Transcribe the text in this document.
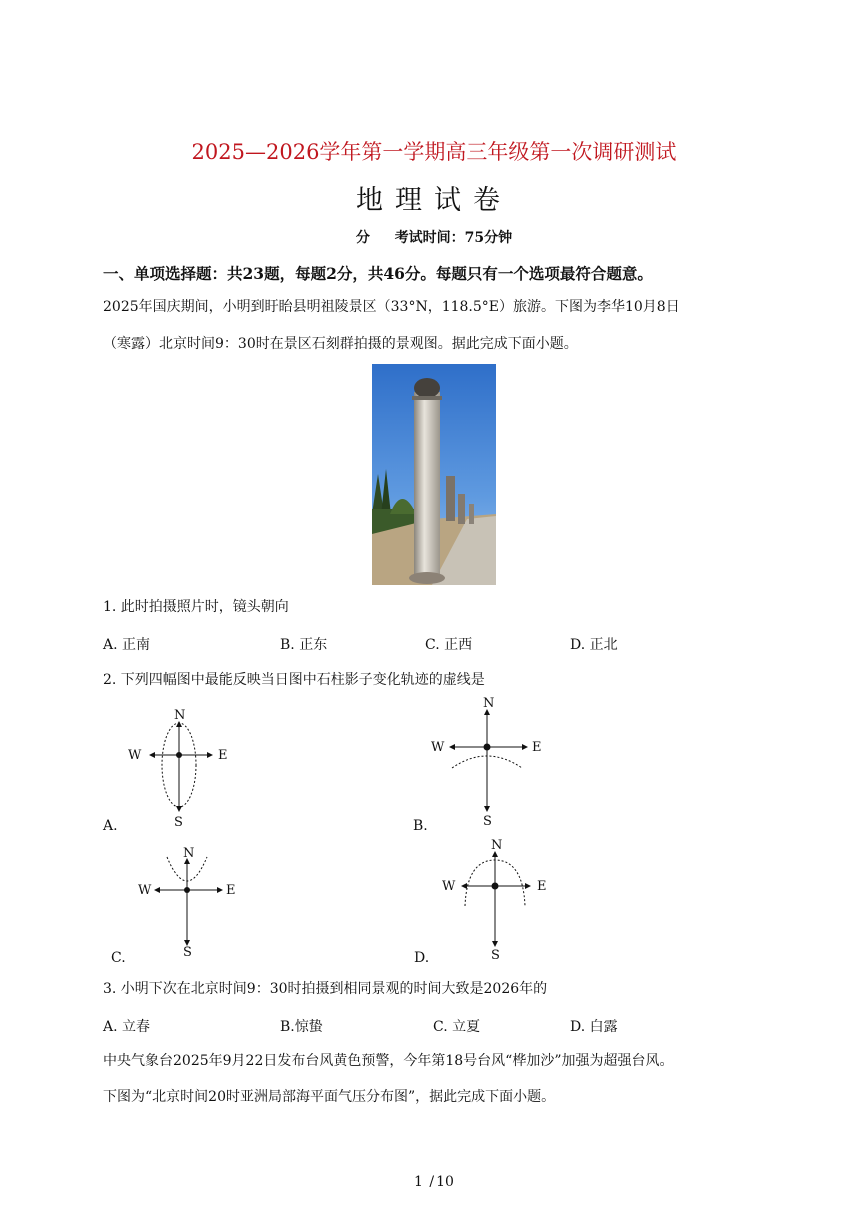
2025—2026学年第一学期高三年级第一次调研测试
地理试卷
分 考试时间：75分钟
一、单项选择题：共23题，每题2分，共46分。每题只有一个选项最符合题意。
2025年国庆期间，小明到盱眙县明祖陵景区（33°N，118.5°E）旅游。下图为李华10月8日
（寒露）北京时间9：30时在景区石刻群拍摄的景观图。据此完成下面小题。
1. 此时拍摄照片时，镜头朝向
A. 正南	B. 正东	C. 正西	D. 正北
2. 下列四幅图中最能反映当日图中石柱影子变化轨迹的虚线是
N
S
W	E
A.
N
S
W	E
B.
N
S
W	E
C.
N
S
W	E
D.
3. 小明下次在北京时间9：30时拍摄到相同景观的时间大致是2026年的
A. 立春	B.惊蛰	C. 立夏	D. 白露
中央气象台2025年9月22日发布台风黄色预警，今年第18号台风“桦加沙”加强为超强台风。
下图为“北京时间20时亚洲局部海平面气压分布图”，据此完成下面小题。
1 / 10
